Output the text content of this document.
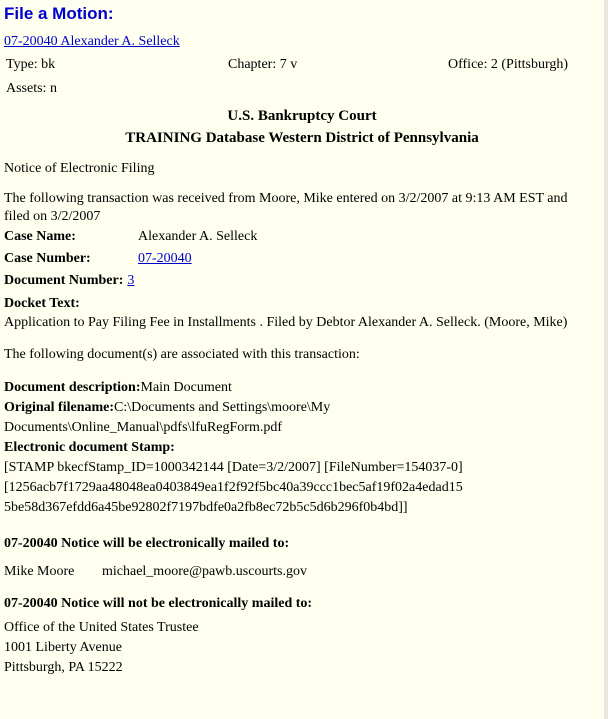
File a Motion:
07-20040 Alexander A. Selleck
Type: bk	Chapter: 7 v	Office: 2 (Pittsburgh)
Assets: n
U.S. Bankruptcy Court
TRAINING Database Western District of Pennsylvania
Notice of Electronic Filing
The following transaction was received from Moore, Mike entered on 3/2/2007 at 9:13 AM EST and filed on 3/2/2007
Case Name:	Alexander A. Selleck
Case Number:	07-20040
Document Number: 3
Docket Text:
Application to Pay Filing Fee in Installments . Filed by Debtor Alexander A. Selleck. (Moore, Mike)
The following document(s) are associated with this transaction:
Document description:Main Document
Original filename:C:\Documents and Settings\moore\My
Documents\Online_Manual\pdfs\lfuRegForm.pdf
Electronic document Stamp:
[STAMP bkecfStamp_ID=1000342144 [Date=3/2/2007] [FileNumber=154037-0]
[1256acb7f1729aa48048ea0403849ea1f2f92f5bc40a39ccc1bec5af19f02a4edad15
5be58d367efdd6a45be92802f7197bdfe0a2fb8ec72b5c5d6b296f0b4bd]]
07-20040 Notice will be electronically mailed to:
Mike Moore michael_moore@pawb.uscourts.gov
07-20040 Notice will not be electronically mailed to:
Office of the United States Trustee
1001 Liberty Avenue
Pittsburgh, PA 15222
